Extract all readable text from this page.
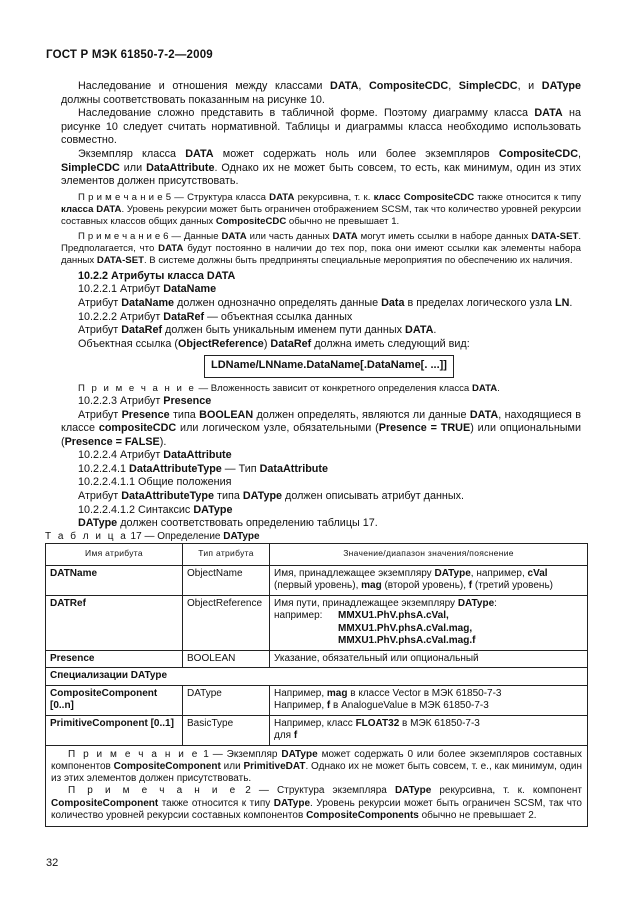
ГОСТ Р МЭК 61850-7-2—2009

Наследование и отношения между классами DATA, CompositeCDC, SimpleCDC, и DAType должны соответствовать показанным на рисунке 10.

Наследование сложно представить в табличной форме. Поэтому диаграмму класса DATA на рисунке 10 следует считать нормативной. Таблицы и диаграммы класса необходимо использовать совместно.

Экземпляр класса DATA может содержать ноль или более экземпляров CompositeCDC, SimpleCDC или DataAttribute. Однако их не может быть совсем, то есть, как минимум, один из этих элементов должен присутствовать.

П р и м е ч а н и е 5 — Структура класса DATA рекурсивна, т. к. класс CompositeCDC также относится к типу класса DATA. Уровень рекурсии может быть ограничен отображением SCSM, так что количество уровней рекурсии составных классов общих данных CompositeCDC обычно не превышает 1.

П р и м е ч а н и е 6 — Данные DATA или часть данных DATA могут иметь ссылки в наборе данных DATA-SET. Предполагается, что DATA будут постоянно в наличии до тех пор, пока они имеют ссылки как элементы набора данных DATA-SET. В системе должны быть предприняты специальные мероприятия по обеспечению их наличия.

10.2.2 Атрибуты класса DATA

10.2.2.1 Атрибут DataName

Атрибут DataName должен однозначно определять данные Data в пределах логического узла LN.

10.2.2.2 Атрибут DataRef — объектная ссылка данных

Атрибут DataRef должен быть уникальным именем пути данных DATA.

Объектная ссылка (ObjectReference) DataRef должна иметь следующий вид:

LDName/LNName.DataName[.DataName[. ...]]

П р и м е ч а н и е — Вложенность зависит от конкретного определения класса DATA.

10.2.2.3 Атрибут Presence

Атрибут Presence типа BOOLEAN должен определять, являются ли данные DATA, находящиеся в классе compositeCDC или логическом узле, обязательными (Presence = TRUE) или опциональными (Presence = FALSE).

10.2.2.4 Атрибут DataAttribute

10.2.2.4.1 DataAttributeType — Тип DataAttribute

10.2.2.4.1.1 Общие положения

Атрибут DataAttributeType типа DAType должен описывать атрибут данных.

10.2.2.4.1.2 Синтаксис DAType

DAType должен соответствовать определению таблицы 17.

Т а б л и ц а 17 — Определение DAType
Имя атрибута	Тип атрибута	Значение/диапазон значения/пояснение
DATName	ObjectName	Имя, принадлежащее экземпляру DAType, например, cVal (первый уровень), mag (второй уровень), f (третий уровень)
DATRef	ObjectReference	Имя пути, принадлежащее экземпляру DAType:
например: MMXU1.PhV.phsA.cVal,
MMXU1.PhV.phsA.cVal.mag,
MMXU1.PhV.phsA.cVal.mag.f

Presence	BOOLEAN	Указание, обязательный или опциональный
Специализации DAType		
CompositeComponent [0..n]	DAType	Например, mag в классе Vector в МЭК 61850-7-3
Например, f в AnalogueValue в МЭК 61850-7-3

PrimitiveComponent [0..1]	BasicType	Например, класс FLOAT32 в МЭК 61850-7-3
для f

П р и м е ч а н и е 1 — Экземпляр DAType может содержать 0 или более экземпляров составных компонентов CompositeComponent или PrimitiveDAT. Однако их не может быть совсем, т. е., как минимум, один из этих элементов должен присутствовать.

П р и м е ч а н и е 2 — Структура экземпляра DAType рекурсивна, т. к. компонент CompositeComponent также относится к типу DAType. Уровень рекурсии может быть ограничен SCSM, так что количество уровней рекурсии составных компонентов CompositeComponents обычно не превышает 2.		

32
